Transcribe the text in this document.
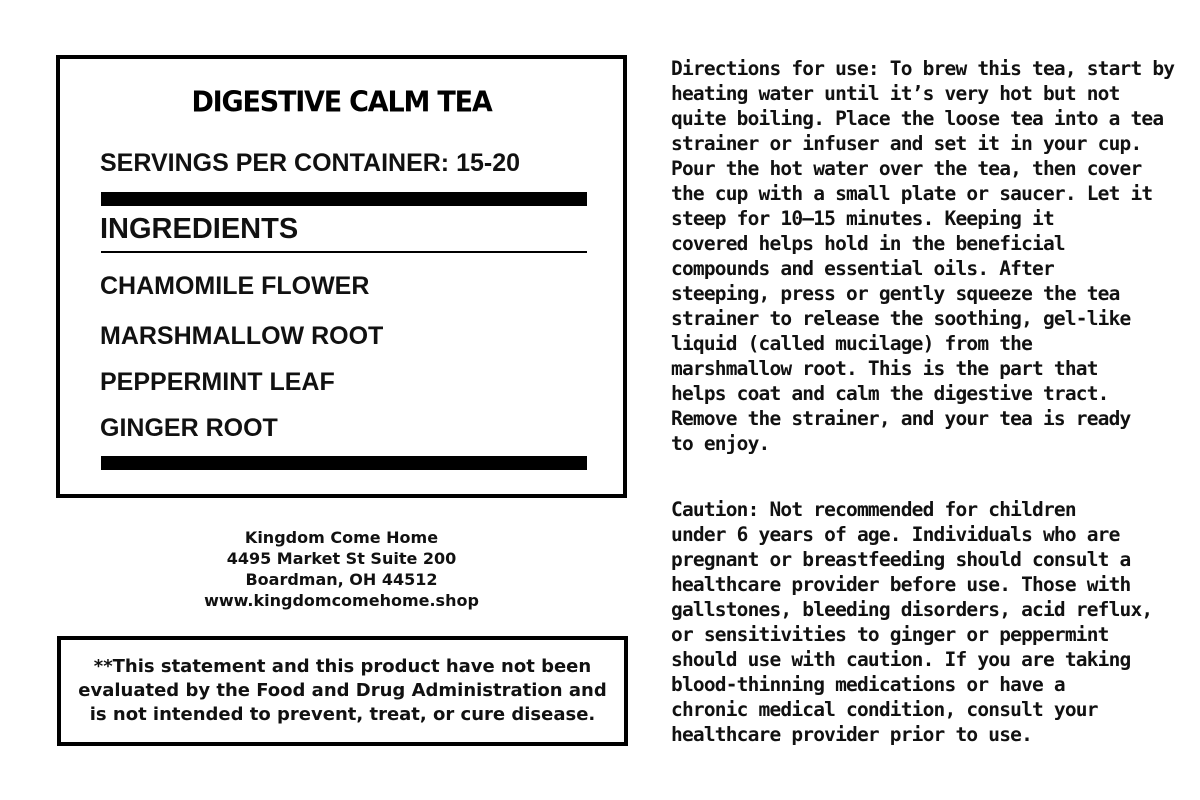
DIGESTIVE CALM TEA
SERVINGS PER CONTAINER: 15-20
INGREDIENTS
CHAMOMILE FLOWER
MARSHMALLOW ROOT
PEPPERMINT LEAF
GINGER ROOT
Kingdom Come Home
4495 Market St Suite 200
Boardman, OH 44512
www.kingdomcomehome.shop
**This statement and this product have not been evaluated by the Food and Drug Administration and is not intended to prevent, treat, or cure disease.
Directions for use: To brew this tea, start by
heating water until it’s very hot but not
quite boiling. Place the loose tea into a tea
strainer or infuser and set it in your cup.
Pour the hot water over the tea, then cover
the cup with a small plate or saucer. Let it
steep for 10–15 minutes. Keeping it
covered helps hold in the beneficial
compounds and essential oils. After
steeping, press or gently squeeze the tea
strainer to release the soothing, gel-like
liquid (called mucilage) from the
marshmallow root. This is the part that
helps coat and calm the digestive tract.
Remove the strainer, and your tea is ready
to enjoy.
Caution: Not recommended for children
under 6 years of age. Individuals who are
pregnant or breastfeeding should consult a
healthcare provider before use. Those with
gallstones, bleeding disorders, acid reflux,
or sensitivities to ginger or peppermint
should use with caution. If you are taking
blood-thinning medications or have a
chronic medical condition, consult your
healthcare provider prior to use.
